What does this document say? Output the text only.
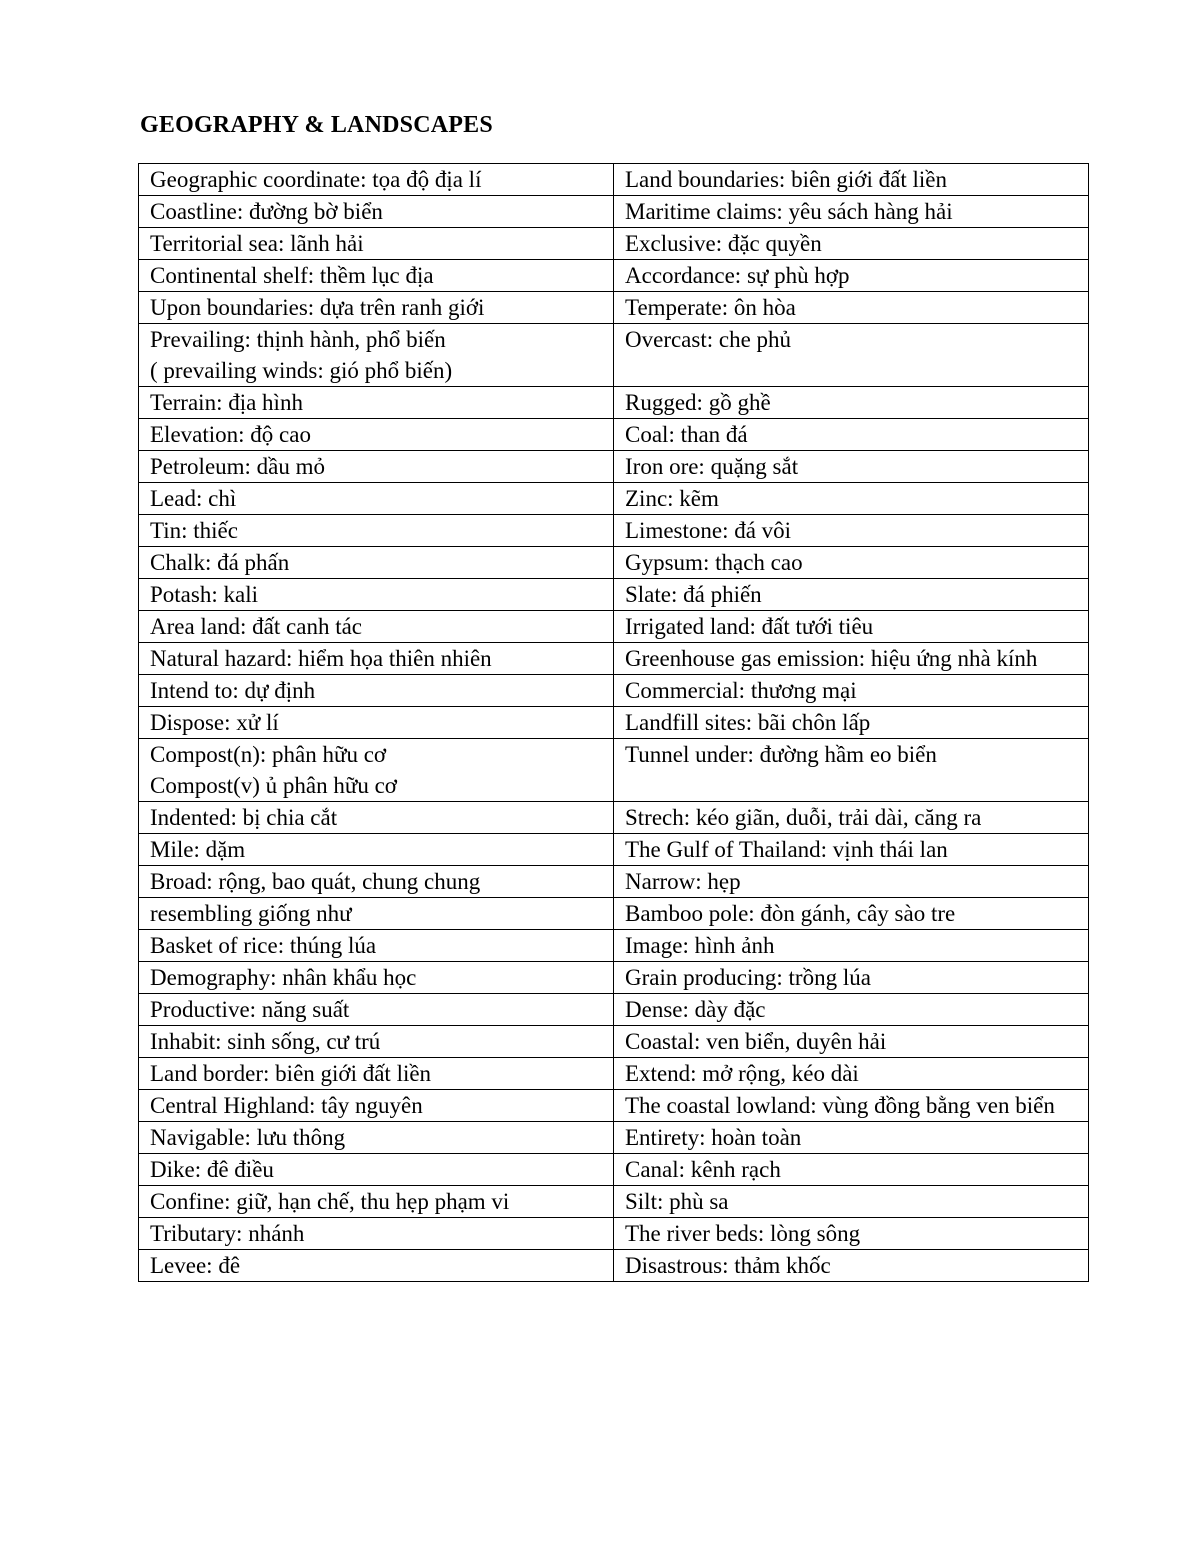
GEOGRAPHY & LANDSCAPES
Geographic coordinate: tọa độ địa lí	Land boundaries: biên giới đất liền

Coastline: đường bờ biển	Maritime claims: yêu sách hàng hải

Territorial sea: lãnh hải	Exclusive: đặc quyền

Continental shelf: thềm lục địa	Accordance: sự phù hợp

Upon boundaries: dựa trên ranh giới	Temperate: ôn hòa

Prevailing: thịnh hành, phổ biến
( prevailing winds: gió phổ biến)	Overcast: che phủ

Terrain: địa hình	Rugged: gồ ghề

Elevation: độ cao	Coal: than đá

Petroleum: dầu mỏ	Iron ore: quặng sắt

Lead: chì	Zinc: kẽm

Tin: thiếc	Limestone: đá vôi

Chalk: đá phấn	Gypsum: thạch cao

Potash: kali	Slate: đá phiến

Area land: đất canh tác	Irrigated land: đất tưới tiêu

Natural hazard: hiểm họa thiên nhiên	Greenhouse gas emission: hiệu ứng nhà kính

Intend to: dự định	Commercial: thương mại

Dispose: xử lí	Landfill sites: bãi chôn lấp

Compost(n): phân hữu cơ
Compost(v) ủ phân hữu cơ	Tunnel under: đường hầm eo biển

Indented: bị chia cắt	Strech: kéo giãn, duỗi, trải dài, căng ra

Mile: dặm	The Gulf of Thailand: vịnh thái lan

Broad: rộng, bao quát, chung chung	Narrow: hẹp

resembling giống như	Bamboo pole: đòn gánh, cây sào tre

Basket of rice: thúng lúa	Image: hình ảnh

Demography: nhân khẩu học	Grain producing: trồng lúa

Productive: năng suất	Dense: dày đặc

Inhabit: sinh sống, cư trú	Coastal: ven biển, duyên hải

Land border: biên giới đất liền	Extend: mở rộng, kéo dài

Central Highland: tây nguyên	The coastal lowland: vùng đồng bằng ven biển

Navigable: lưu thông	Entirety: hoàn toàn

Dike: đê điều	Canal: kênh rạch

Confine: giữ, hạn chế, thu hẹp phạm vi	Silt: phù sa

Tributary: nhánh	The river beds: lòng sông

Levee: đê	Disastrous: thảm khốc
